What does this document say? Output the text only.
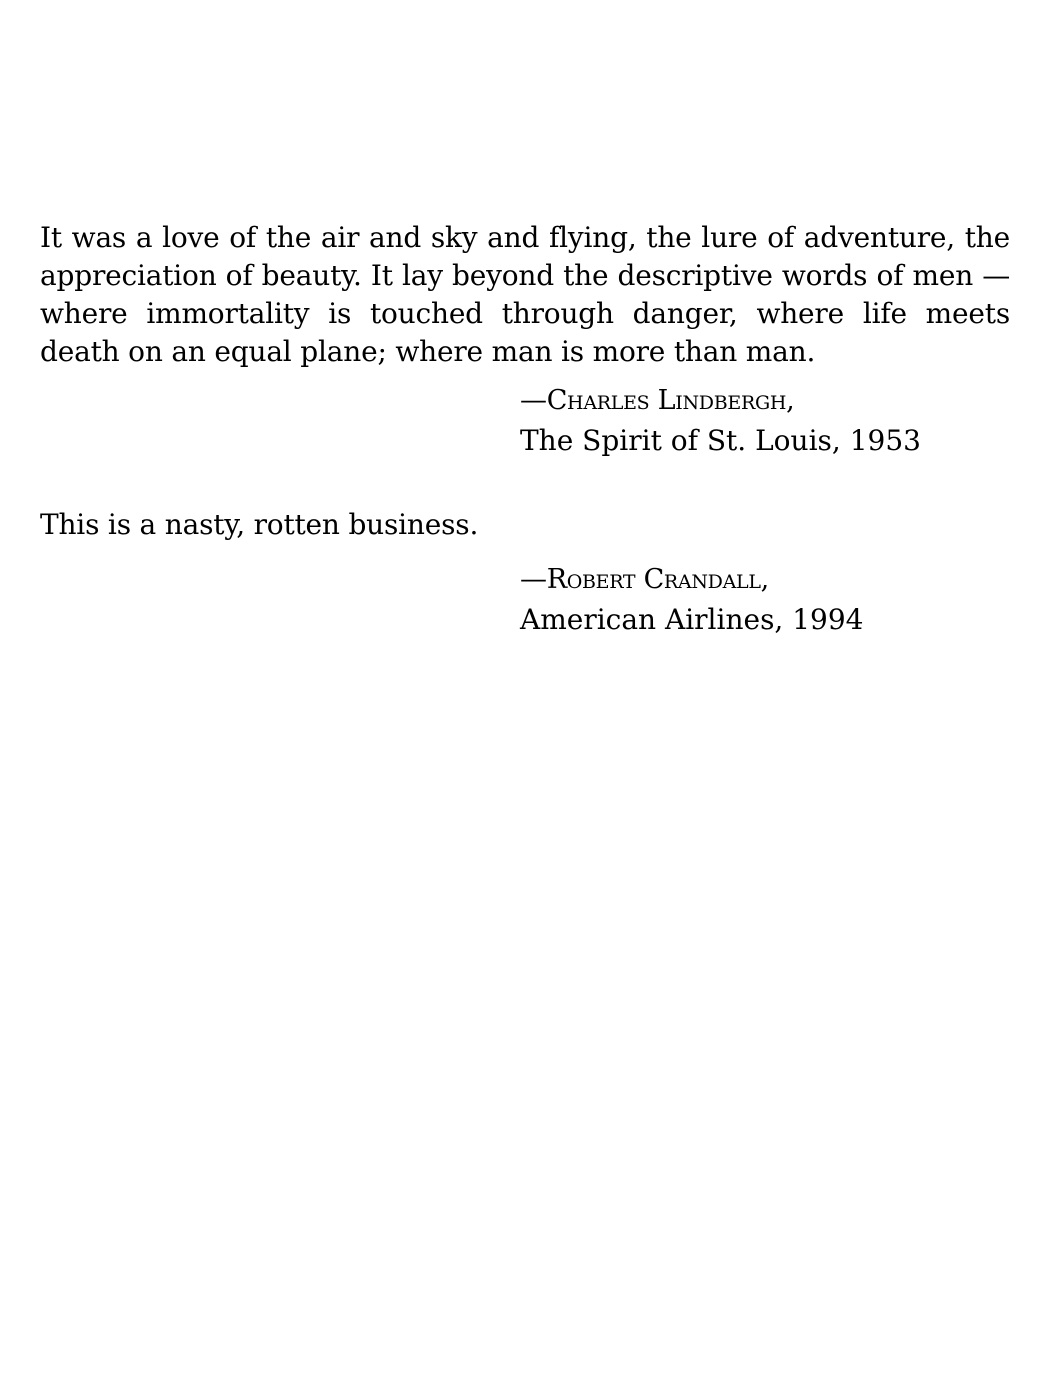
It was a love of the air and sky and flying, the lure of adventure, the appreciation of beauty. It lay beyond the descriptive words of men —where immortality is touched through danger, where life meets death on an equal plane; where man is more than man.

—Charles Lindbergh,
The Spirit of St. Louis, 1953

This is a nasty, rotten business.

—Robert Crandall,
American Airlines, 1994
